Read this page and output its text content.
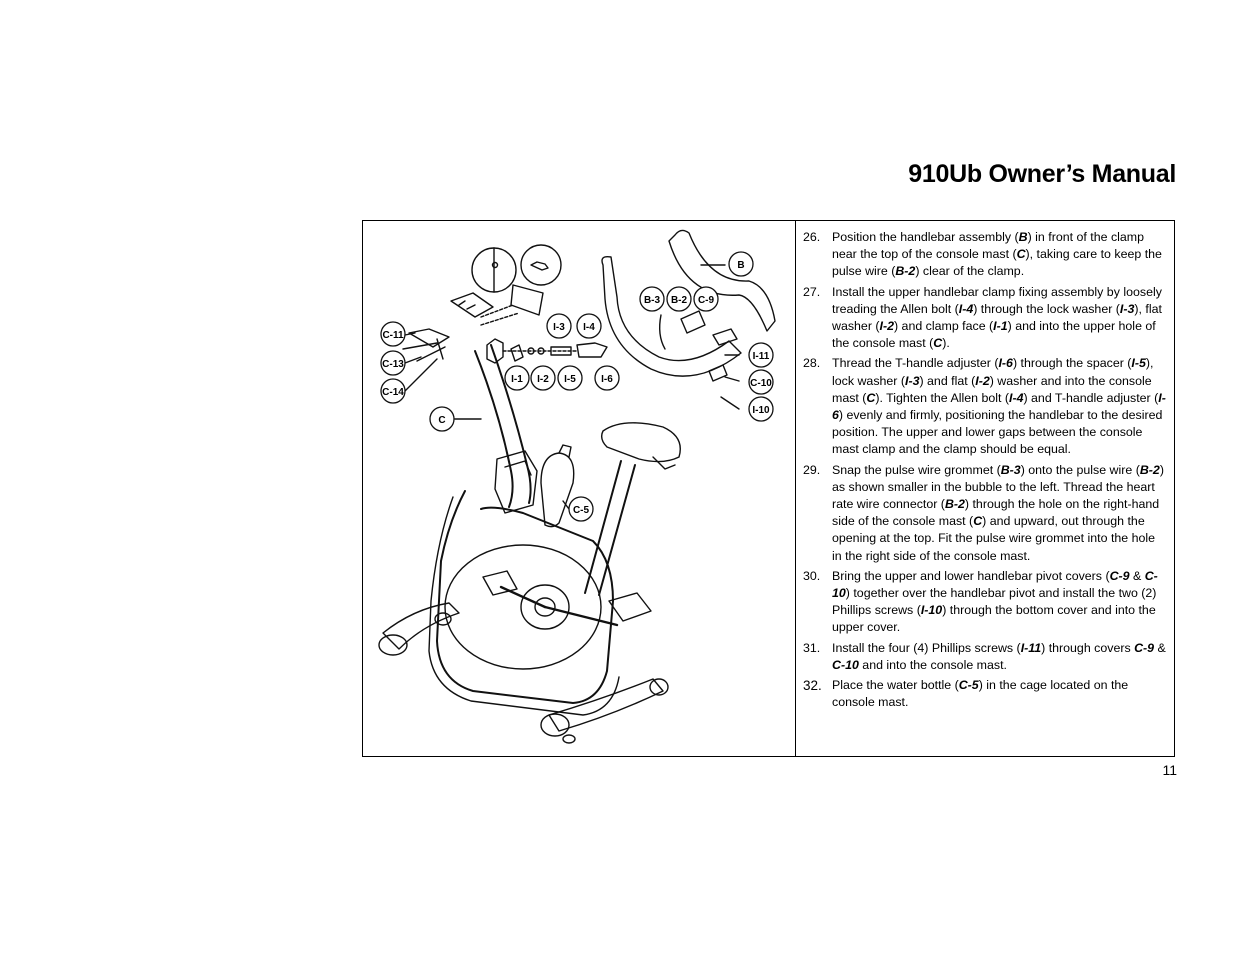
910Ub Owner’s Manual
B
B-3 B-2 C-9
I-11
C-10
I-10
C-11
C-13
C-14
I-3 I-4
I-1 I-2 I-5	I-6
C
C-5
26. Position the handlebar assembly (B) in front of the clamp near the top of the console mast (C), taking care to keep the pulse wire (B-2) clear of the clamp.
27. Install the upper handlebar clamp fixing assembly by loosely treading the Allen bolt (I-4) through the lock washer (I-3), flat washer (I-2) and clamp face (I-1) and into the upper hole of the console mast (C).
28. Thread the T-handle adjuster (I-6) through the spacer (I-5), lock washer (I-3) and flat (I-2) washer and into the console mast (C). Tighten the Allen bolt (I-4) and T-handle adjuster (I-6) evenly and firmly, positioning the handlebar to the desired position. The upper and lower gaps between the console mast clamp and the clamp should be equal.
29. Snap the pulse wire grommet (B-3) onto the pulse wire (B-2) as shown smaller in the bubble to the left. Thread the heart rate wire connector (B-2) through the hole on the right-hand side of the console mast (C) and upward, out through the opening at the top. Fit the pulse wire grommet into the hole in the right side of the console mast.
30. Bring the upper and lower handlebar pivot covers (C-9 & C-10) together over the handlebar pivot and install the two (2) Phillips screws (I-10) through the bottom cover and into the upper cover.
31. Install the four (4) Phillips screws (I-11) through covers C-9 & C-10 and into the console mast.
32. Place the water bottle (C-5) in the cage located on the console mast.
11
